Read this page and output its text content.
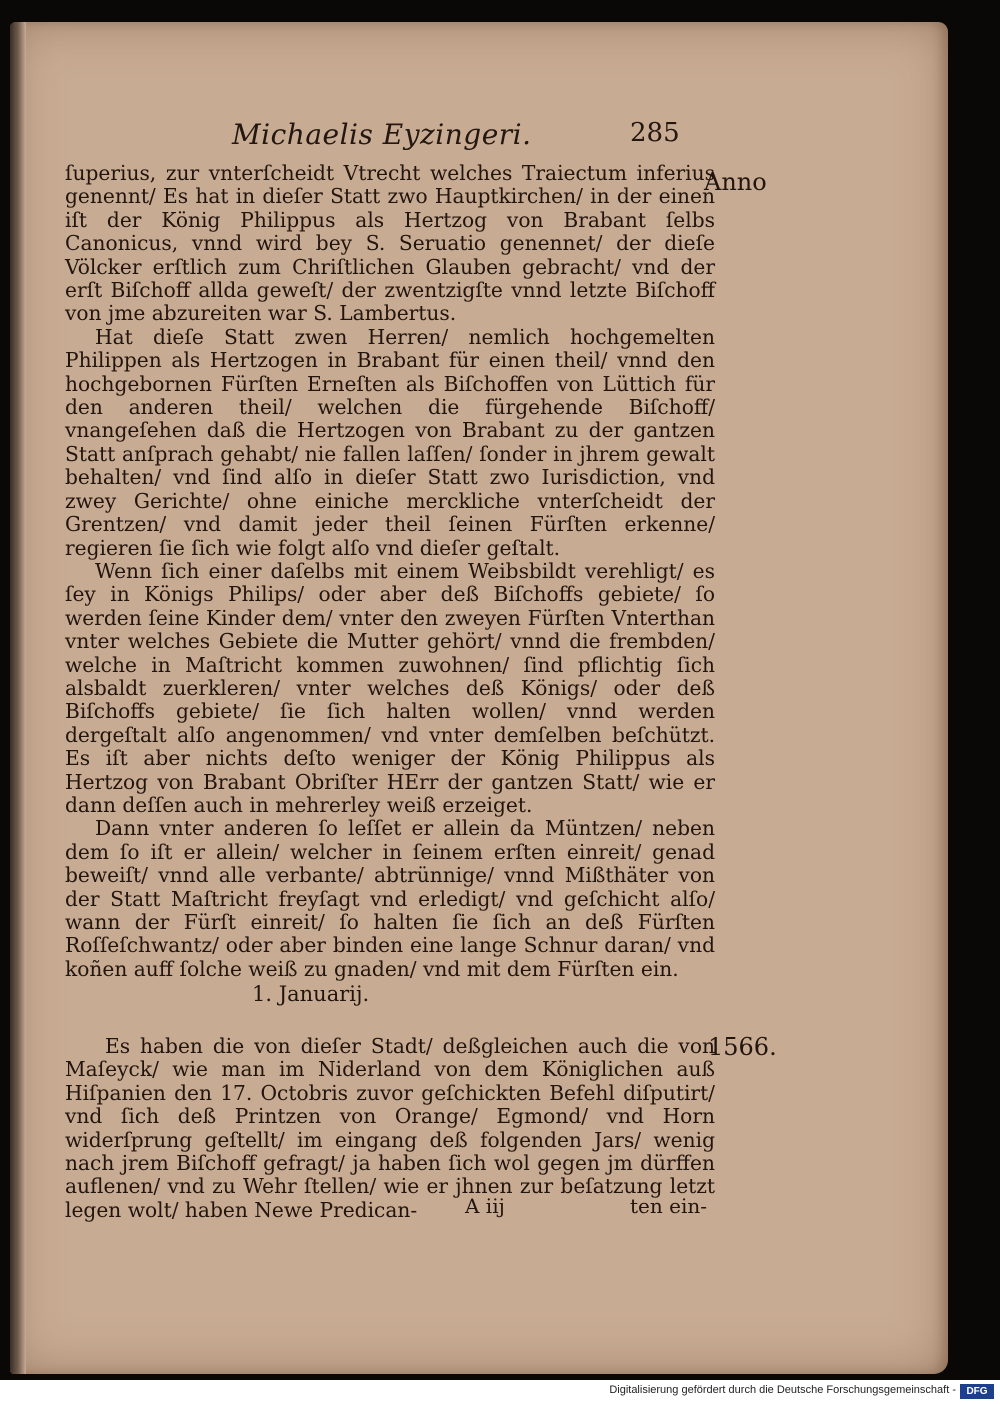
Michaelis Eyzingeri.	285
Anno

ſuperius, zur vnterſcheidt Vtrecht welches Traiectum inferius genennt/ Es hat in dieſer Statt zwo Hauptkirchen/ in der einen iſt der König Philippus als Hertzog von Brabant ſelbs Canonicus, vnnd wird bey S. Seruatio genennet/ der dieſe Völcker erſtlich zum Chriſtlichen Glauben gebracht/ vnd der erſt Biſchoff allda geweſt/ der zwentzigſte vnnd letzte Biſchoff von jme abzureiten war S. Lambertus.

Hat dieſe Statt zwen Herren/ nemlich hochgemelten Philippen als Hertzogen in Brabant für einen theil/ vnnd den hochgebornen Fürſten Erneſten als Biſchoffen von Lüttich für den anderen theil/ welchen die fürgehende Biſchoff/ vnangeſehen daß die Hertzogen von Brabant zu der gantzen Statt anſprach gehabt/ nie fallen laſſen/ ſonder in jhrem gewalt behalten/ vnd ſind alſo in dieſer Statt zwo Iurisdiction, vnd zwey Gerichte/ ohne einiche merckliche vnterſcheidt der Grentzen/ vnd damit jeder theil ſeinen Fürſten erkenne/ regieren ſie ſich wie folgt alſo vnd dieſer geſtalt.

Wenn ſich einer daſelbs mit einem Weibsbildt verehligt/ es ſey in Königs Philips/ oder aber deß Biſchoffs gebiete/ ſo werden ſeine Kinder dem/ vnter den zweyen Fürſten Vnterthan vnter welches Gebiete die Mutter gehört/ vnnd die frembden/ welche in Maſtricht kommen zuwohnen/ ſind pflichtig ſich alsbaldt zuerkleren/ vnter welches deß Königs/ oder deß Biſchoffs gebiete/ ſie ſich halten wollen/ vnnd werden dergeſtalt alſo angenommen/ vnd vnter demſelben beſchützt. Es iſt aber nichts deſto weniger der König Philippus als Hertzog von Brabant Obriſter HErr der gantzen Statt/ wie er dann deſſen auch in mehrerley weiß erzeiget.

Dann vnter anderen ſo leſſet er allein da Müntzen/ neben dem ſo iſt er allein/ welcher in ſeinem erſten einreit/ genad beweiſt/ vnnd alle verbante/ abtrünnige/ vnnd Mißthäter von der Statt Maſtricht freyſagt vnd erledigt/ vnd geſchicht alſo/ wann der Fürſt einreit/ ſo halten ſie ſich an deß Fürſten Roſſeſchwantz/ oder aber binden eine lange Schnur daran/ vnd koñen auff ſolche weiß zu gnaden/ vnd mit dem Fürſten ein.

1. Januarij.
1566.

Es haben die von dieſer Stadt/ deßgleichen auch die von Maſeyck/ wie man im Niderland von dem Königlichen auß Hiſpanien den 17. Octobris zuvor geſchickten Befehl diſputirt/ vnd ſich deß Printzen von Orange/ Egmond/ vnd Horn widerſprung geſtellt/ im eingang deß folgenden Jars/ wenig nach jrem Biſchoff gefragt/ ja haben ſich wol gegen jm dürffen auflenen/ vnd zu Wehr ſtellen/ wie er jhnen zur beſatzung letzt legen wolt/ haben Newe Predican-	A iij	ten ein-
Digitalisierung gefördert durch die Deutsche Forschungsgemeinschaft -	DFG
